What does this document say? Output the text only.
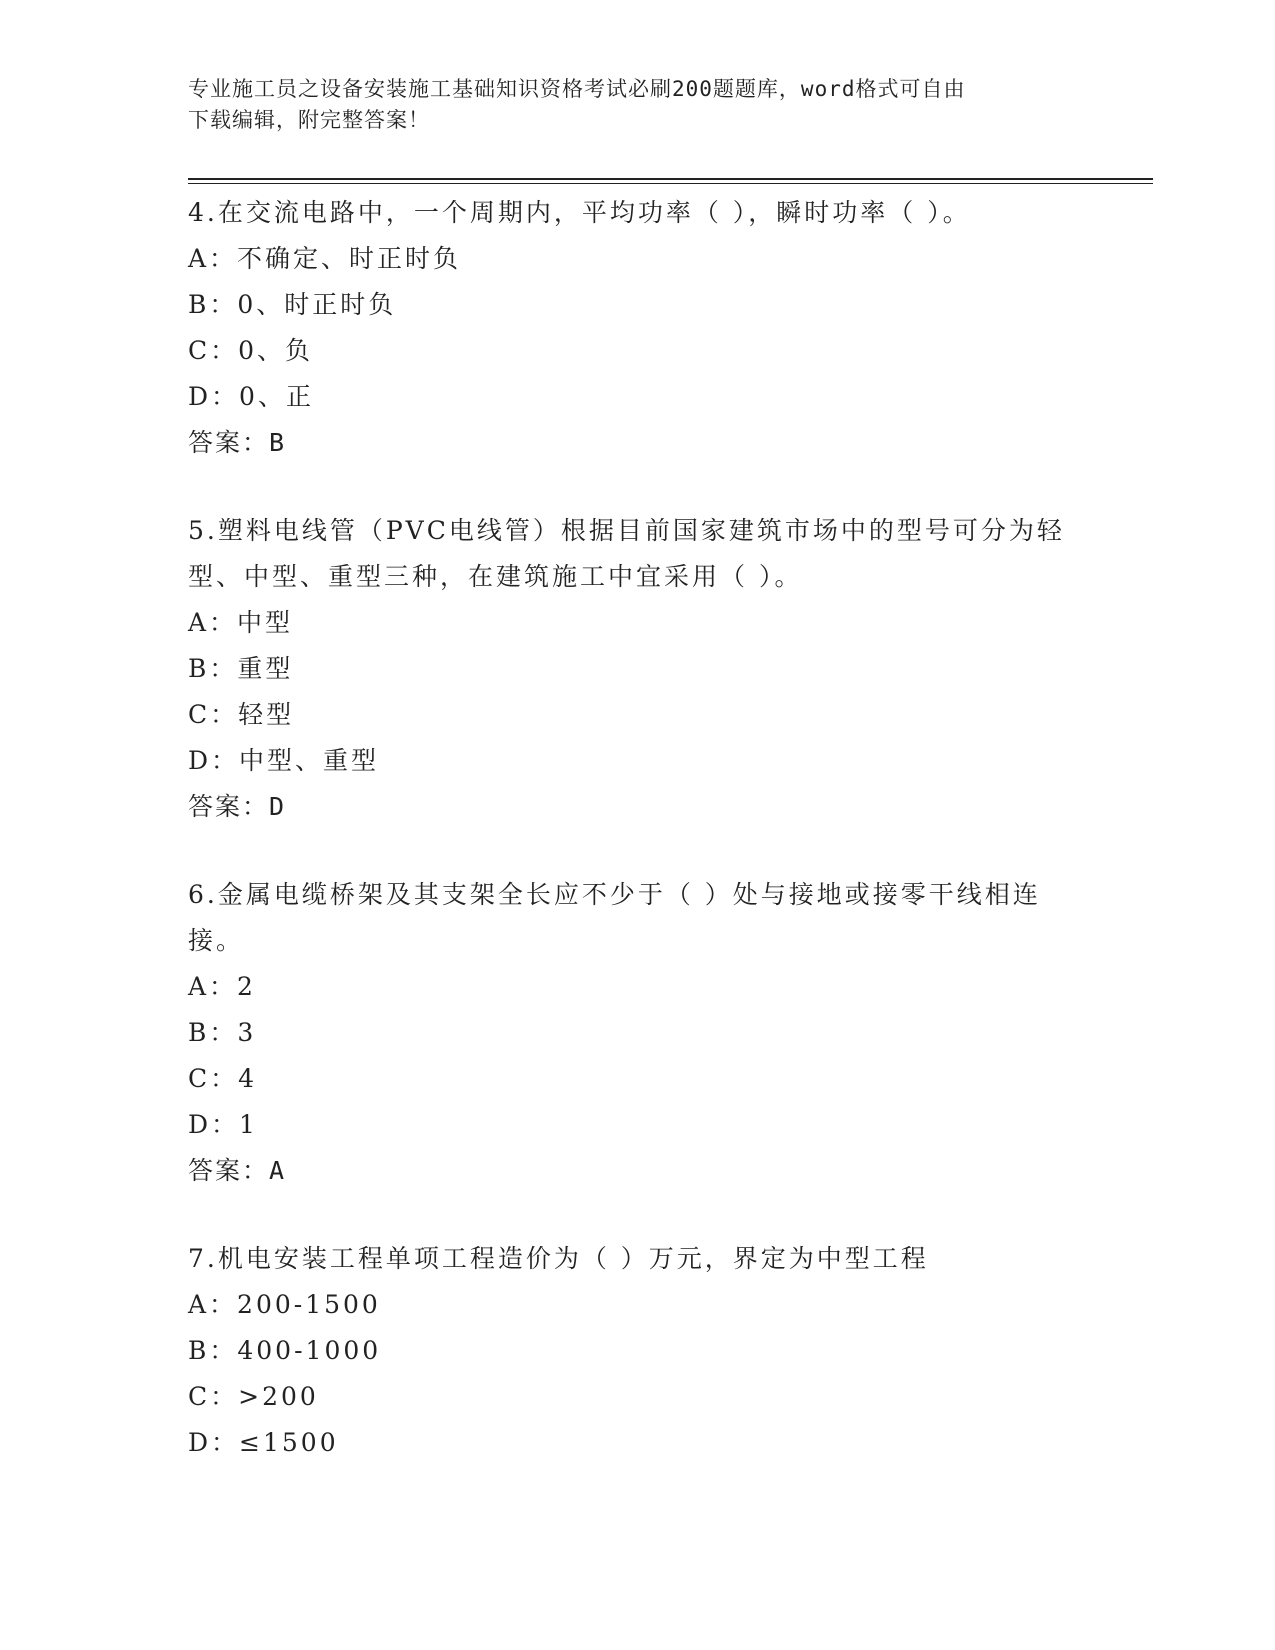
专业施工员之设备安装施工基础知识资格考试必刷200题题库，word格式可自由
下载编辑，附完整答案！
4.在交流电路中，一个周期内，平均功率（ ），瞬时功率（ ）。
A：不确定、时正时负
B：0、时正时负
C：0、负
D：0、正
答案：B
5.塑料电线管（PVC电线管）根据目前国家建筑市场中的型号可分为轻
型、中型、重型三种，在建筑施工中宜采用（ ）。
A：中型
B：重型
C：轻型
D：中型、重型
答案：D
6.金属电缆桥架及其支架全长应不少于（ ）处与接地或接零干线相连
接。
A：2
B：3
C：4
D：1
答案：A
7.机电安装工程单项工程造价为（ ）万元，界定为中型工程
A：200-1500
B：400-1000
C：>200
D：≤1500
